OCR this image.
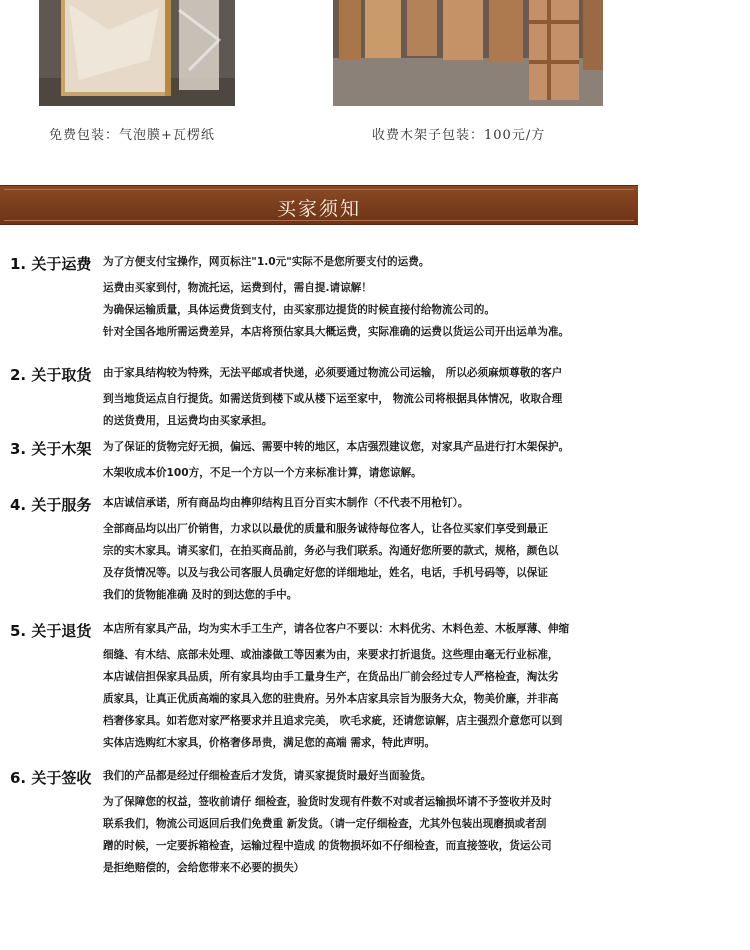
免费包装：气泡膜+瓦楞纸	收费木架子包装：100元/方
买家须知
1. 关于运费 为了方便支付宝操作，网页标注"1.0元"实际不是您所要支付的运费。
运费由买家到付，物流托运，运费到付，需自提.请谅解！
为确保运输质量，具体运费货到支付，由买家那边提货的时候直接付给物流公司的。
针对全国各地所需运费差异，本店将预估家具大概运费，实际准确的运费以货运公司开出运单为准。
2. 关于取货 由于家具结构较为特殊，无法平邮或者快递，必须要通过物流公司运输， 所以必须麻烦尊敬的客户
到当地货运点自行提货。如需送货到楼下或从楼下运至家中， 物流公司将根据具体情况，收取合理
的送货费用，且运费均由买家承担。
3. 关于木架 为了保证的货物完好无损，偏远、需要中转的地区，本店强烈建议您，对家具产品进行打木架保护。
木架收成本价100方，不足一个方以一个方来标准计算，请您谅解。
4. 关于服务 本店诚信承诺，所有商品均由榫卯结构且百分百实木制作（不代表不用枪钉）。
全部商品均以出厂价销售，力求以以最优的质量和服务诚待每位客人，让各位买家们享受到最正
宗的实木家具。请买家们，在拍买商品前，务必与我们联系。沟通好您所要的款式，规格，颜色以
及存货情况等。以及与我公司客服人员确定好您的详细地址，姓名，电话，手机号码等，以保证
我们的货物能准确 及时的到达您的手中。
5. 关于退货 本店所有家具产品，均为实木手工生产，请各位客户不要以：木料优劣、木料色差、木板厚薄、伸缩
细缝、有木结、底部未处理、或油漆做工等因素为由，来要求打折退货。这些理由毫无行业标准，
本店诚信担保家具品质，所有家具均由手工量身生产，在货品出厂前会经过专人严格检查，淘汰劣
质家具，让真正优质高端的家具入您的驻贵府。另外本店家具宗旨为服务大众，物美价廉，并非高
档奢侈家具。如若您对家严格要求并且追求完美， 吹毛求疵，还请您谅解，店主强烈介意您可以到
实体店选购红木家具，价格奢侈昂贵，满足您的高端 需求，特此声明。
6. 关于签收 我们的产品都是经过仔细检查后才发货，请买家提货时最好当面验货。
为了保障您的权益，签收前请仔 细检查，验货时发现有件数不对或者运输损坏请不予签收并及时
联系我们，物流公司返回后我们免费重 新发货。（请一定仔细检查，尤其外包装出现磨损或者刮
蹭的时候，一定要拆箱检查，运输过程中造成 的货物损坏如不仔细检查，而直接签收，货运公司
是拒绝赔偿的，会给您带来不必要的损失）
